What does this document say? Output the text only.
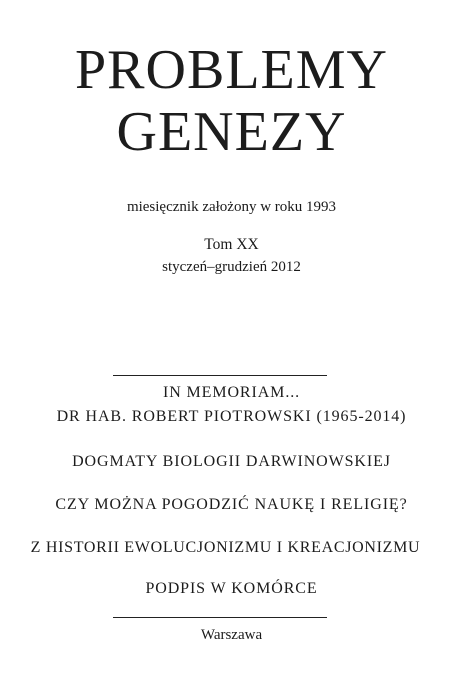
PROBLEMY
GENEZY
miesięcznik założony w roku 1993
Tom XX
styczeń–grudzień 2012
IN MEMORIAM...
DR HAB. ROBERT PIOTROWSKI (1965-2014)
DOGMATY BIOLOGII DARWINOWSKIEJ
CZY MOŻNA POGODZIĆ NAUKĘ I RELIGIĘ?
Z HISTORII EWOLUCJONIZMU I KREACJONIZMU
PODPIS W KOMÓRCE
Warszawa
